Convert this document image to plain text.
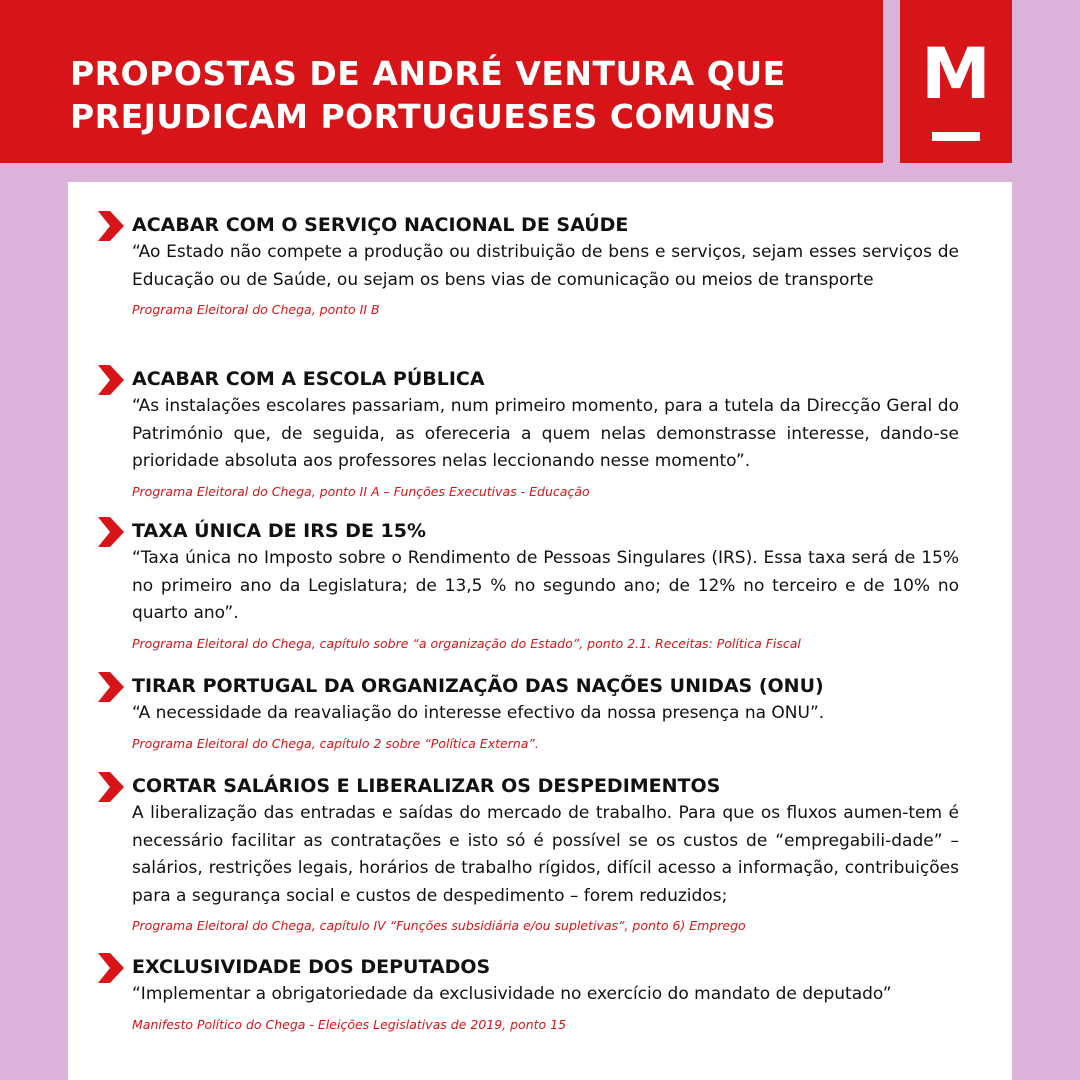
PROPOSTAS DE ANDRÉ VENTURA QUE
PREJUDICAM PORTUGUESES COMUNS
M
ACABAR COM O SERVIÇO NACIONAL DE SAÚDE
“Ao Estado não compete a produção ou distribuição de bens e serviços, sejam esses serviços de Educação ou de Saúde, ou sejam os bens vias de comunicação ou meios de transporte
Programa Eleitoral do Chega, ponto II B
ACABAR COM A ESCOLA PÚBLICA
“As instalações escolares passariam, num primeiro momento, para a tutela da Direcção Geral do Património que, de seguida, as ofereceria a quem nelas demonstrasse interesse, dando-se prioridade absoluta aos professores nelas leccionando nesse momento”.
Programa Eleitoral do Chega, ponto II A – Funções Executivas - Educação
TAXA ÚNICA DE IRS DE 15%
“Taxa única no Imposto sobre o Rendimento de Pessoas Singulares (IRS). Essa taxa será de 15% no primeiro ano da Legislatura; de 13,5 % no segundo ano; de 12% no terceiro e de 10% no quarto ano”.
Programa Eleitoral do Chega, capítulo sobre “a organização do Estado”, ponto 2.1. Receitas: Política Fiscal
TIRAR PORTUGAL DA ORGANIZAÇÃO DAS NAÇÕES UNIDAS (ONU)
“A necessidade da reavaliação do interesse efectivo da nossa presença na ONU”.
Programa Eleitoral do Chega, capítulo 2 sobre “Política Externa”.
CORTAR SALÁRIOS E LIBERALIZAR OS DESPEDIMENTOS
A liberalização das entradas e saídas do mercado de trabalho. Para que os fluxos aumen-tem é necessário facilitar as contratações e isto só é possível se os custos de “empregabili-dade” – salários, restrições legais, horários de trabalho rígidos, difícil acesso a informação, contribuições para a segurança social e custos de despedimento – forem reduzidos;
Programa Eleitoral do Chega, capítulo IV “Funções subsidiária e/ou supletivas”, ponto 6) Emprego
EXCLUSIVIDADE DOS DEPUTADOS
“Implementar a obrigatoriedade da exclusividade no exercício do mandato de deputado”
Manifesto Político do Chega - Eleições Legislativas de 2019, ponto 15
